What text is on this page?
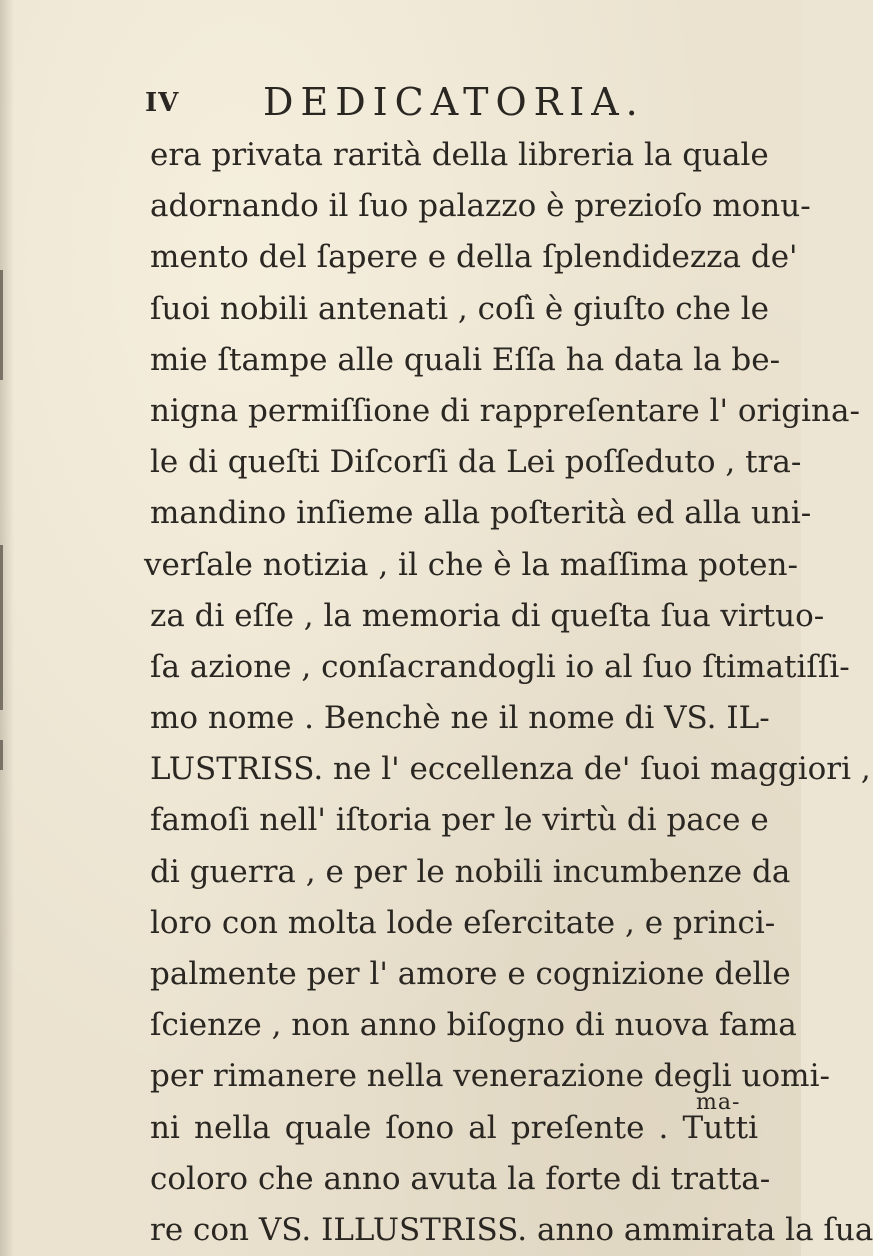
IV DEDICATORIA.
era privata rarità della libreria la quale
adornando il ſuo palazzo è prezioſo monu-
mento del ſapere e della ſplendidezza de'
ſuoi nobili antenati , coſì è giuſto che le
mie ſtampe alle quali Eſſa ha data la be-
nigna permiſſione di rappreſentare l' origina-
le di queſti Diſcorſi da Lei poſſeduto , tra-
mandino inſieme alla poſterità ed alla uni-
verſale notizia , il che è la maſſima poten-
za di eſſe , la memoria di queſta ſua virtuo-
ſa azione , conſacrandogli io al ſuo ſtimatiſſi-
mo nome . Benchè ne il nome di VS. IL-
LUSTRISS. ne l' eccellenza de' ſuoi maggiori ,
famoſi nell' iſtoria per le virtù di pace e
di guerra , e per le nobili incumbenze da
loro con molta lode eſercitate , e princi-
palmente per l' amore e cognizione delle
ſcienze , non anno biſogno di nuova fama
per rimanere nella venerazione degli uomi-
ni nella quale ſono al preſente . Tutti
coloro che anno avuta la forte di tratta-
re con VS. ILLUSTRISS. anno ammirata la ſua
ma-
